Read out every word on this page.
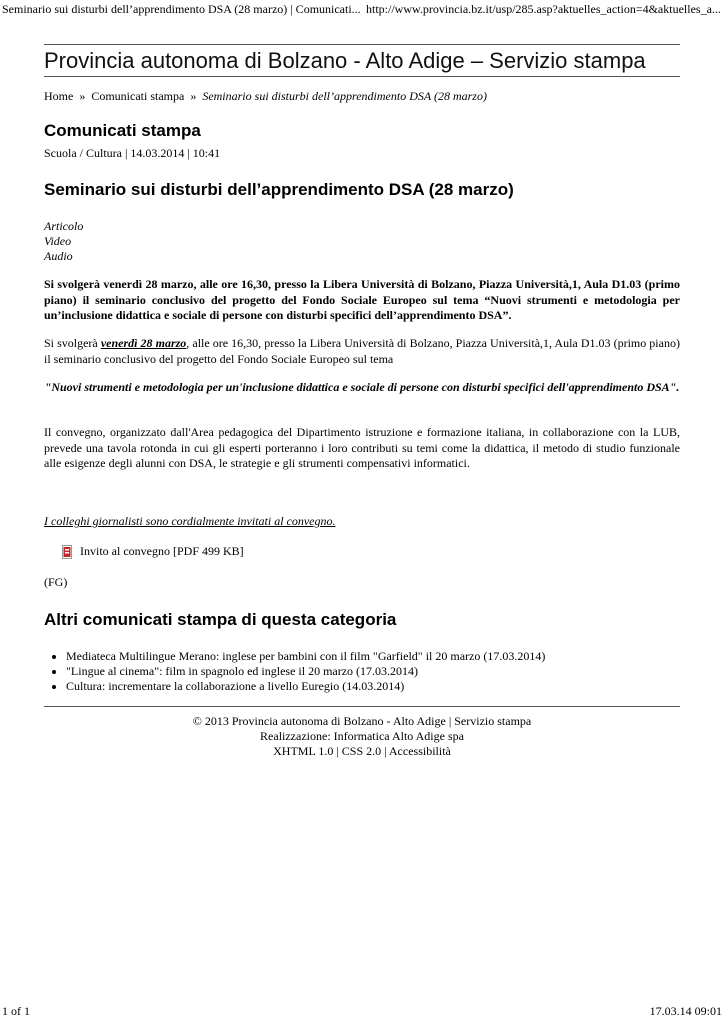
Seminario sui disturbi dell’apprendimento DSA (28 marzo) | Comunicati... http://www.provincia.bz.it/usp/285.asp?aktuelles_action=4&aktuelles_a...
Provincia autonoma di Bolzano - Alto Adige – Servizio stampa
Home » Comunicati stampa » Seminario sui disturbi dell’apprendimento DSA (28 marzo)
Comunicati stampa
Scuola / Cultura | 14.03.2014 | 10:41
Seminario sui disturbi dell’apprendimento DSA (28 marzo)
Articolo
Video
Audio
Si svolgerà venerdì 28 marzo, alle ore 16,30, presso la Libera Università di Bolzano, Piazza Università,1, Aula D1.03 (primo piano) il seminario conclusivo del progetto del Fondo Sociale Europeo sul tema “Nuovi strumenti e metodologia per un’inclusione didattica e sociale di persone con disturbi specifici dell’apprendimento DSA”.
Si svolgerà venerdì 28 marzo, alle ore 16,30, presso la Libera Università di Bolzano, Piazza Università,1, Aula D1.03 (primo piano) il seminario conclusivo del progetto del Fondo Sociale Europeo sul tema
"Nuovi strumenti e metodologia per un'inclusione didattica e sociale di persone con disturbi specifici dell'apprendimento DSA".
Il convegno, organizzato dall'Area pedagogica del Dipartimento istruzione e formazione italiana, in collaborazione con la LUB, prevede una tavola rotonda in cui gli esperti porteranno i loro contributi su temi come la didattica, il metodo di studio funzionale alle esigenze degli alunni con DSA, le strategie e gli strumenti compensativi informatici.
I colleghi giornalisti sono cordialmente invitati al convegno.
Invito al convegno [PDF 499 KB]
(FG)
Altri comunicati stampa di questa categoria
• Mediateca Multilingue Merano: inglese per bambini con il film "Garfield" il 20 marzo (17.03.2014)
• "Lingue al cinema": film in spagnolo ed inglese il 20 marzo (17.03.2014)
• Cultura: incrementare la collaborazione a livello Euregio (14.03.2014)
© 2013 Provincia autonoma di Bolzano - Alto Adige | Servizio stampa
Realizzazione: Informatica Alto Adige spa
XHTML 1.0 | CSS 2.0 | Accessibilità
1 of 1	17.03.14 09:01
